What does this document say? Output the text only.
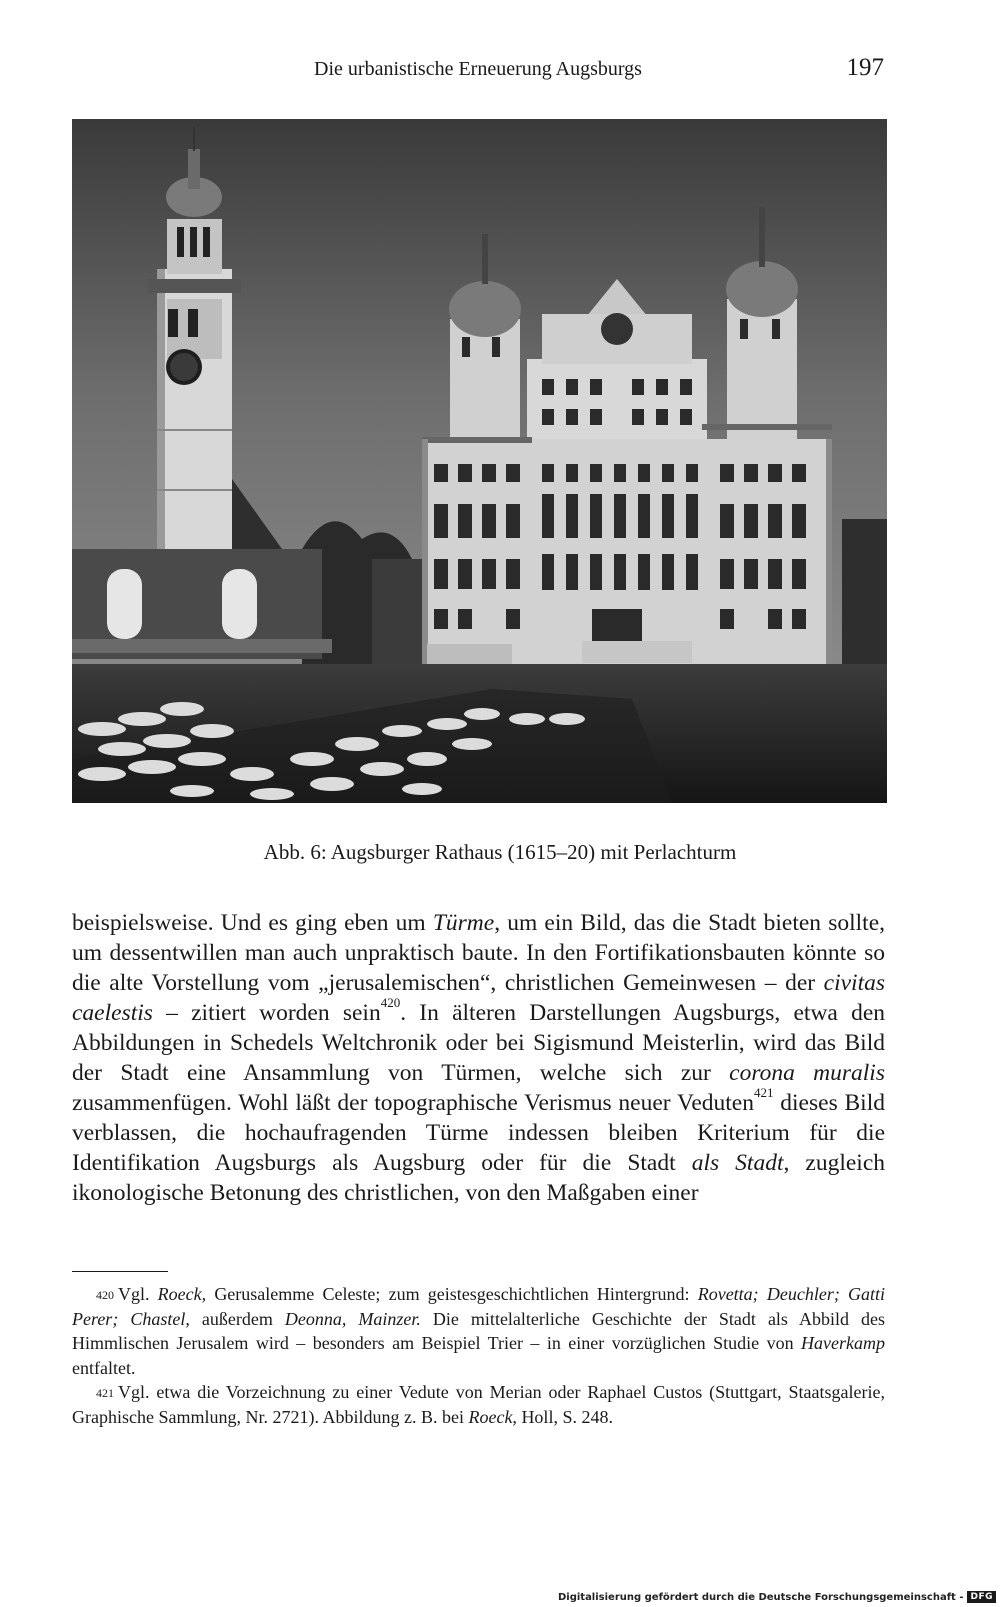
Die urbanistische Erneuerung Augsburgs	197
Abb. 6: Augsburger Rathaus (1615–20) mit Perlachturm

beispielsweise. Und es ging eben um Türme, um ein Bild, das die Stadt bieten sollte, um dessentwillen man auch unpraktisch baute. In den Fortifikationsbauten könnte so die alte Vorstellung vom „jerusalemischen“, christlichen Gemeinwesen – der civitas caelestis – zitiert worden sein$^{420}$. In älteren Darstellungen Augsburgs, etwa den Abbildungen in Schedels Weltchronik oder bei Sigismund Meisterlin, wird das Bild der Stadt eine Ansammlung von Türmen, welche sich zur corona muralis zusammenfügen. Wohl läßt der topographische Verismus neuer Veduten$^{421}$ dieses Bild verblassen, die hochaufragenden Türme indessen bleiben Kriterium für die Identifikation Augsburgs als Augsburg oder für die Stadt als Stadt, zugleich ikonologische Betonung des christlichen, von den Maßgaben einer

$^{420}$ Vgl. Roeck, Gerusalemme Celeste; zum geistesgeschichtlichen Hintergrund: Rovetta; Deuchler; Gatti Perer; Chastel, außerdem Deonna, Mainzer. Die mittelalterliche Geschichte der Stadt als Abbild des Himmlischen Jerusalem wird – besonders am Beispiel Trier – in einer vorzüglichen Studie von Haverkamp entfaltet.

$^{421}$ Vgl. etwa die Vorzeichnung zu einer Vedute von Merian oder Raphael Custos (Stuttgart, Staatsgalerie, Graphische Sammlung, Nr. 2721). Abbildung z. B. bei Roeck, Holl, S. 248.

Digitalisierung gefördert durch die Deutsche Forschungsgemeinschaft - DFG
